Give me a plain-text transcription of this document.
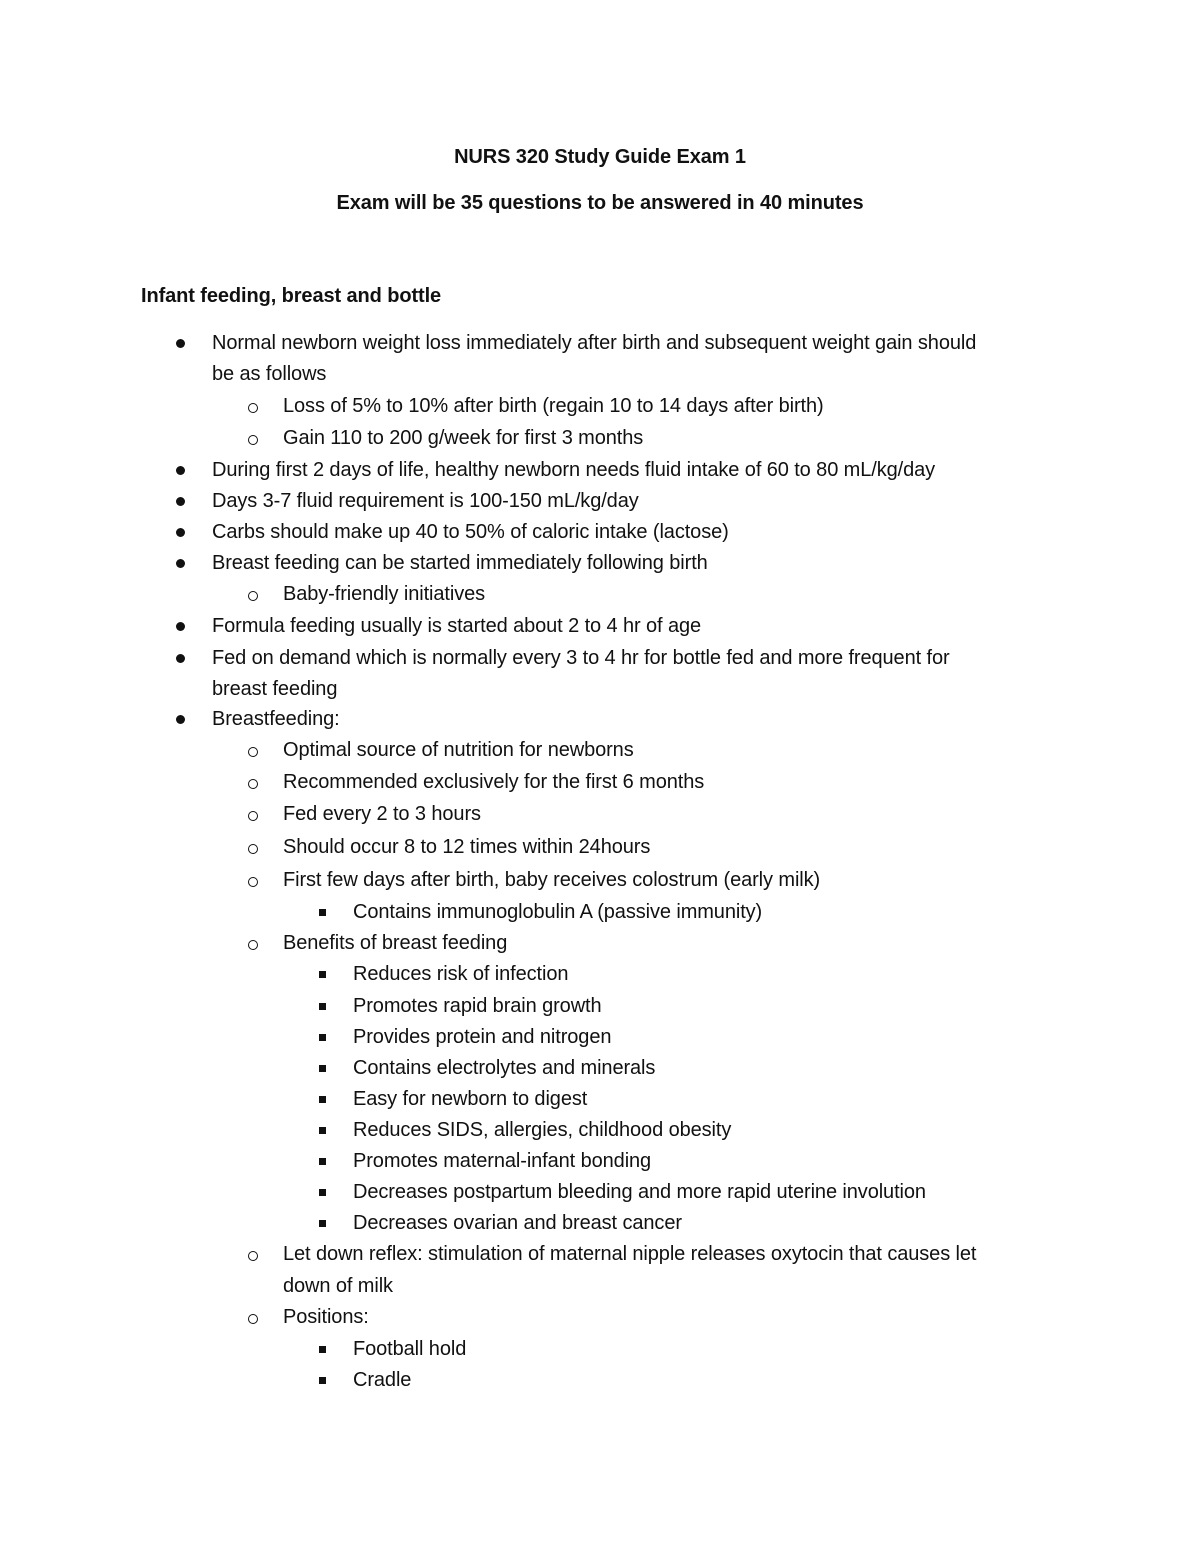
NURS 320 Study Guide Exam 1
Exam will be 35 questions to be answered in 40 minutes
Infant feeding, breast and bottle
Normal newborn weight loss immediately after birth and subsequent weight gain should
be as follows
Loss of 5% to 10% after birth (regain 10 to 14 days after birth)
Gain 110 to 200 g/week for first 3 months
During first 2 days of life, healthy newborn needs fluid intake of 60 to 80 mL/kg/day
Days 3-7 fluid requirement is 100-150 mL/kg/day
Carbs should make up 40 to 50% of caloric intake (lactose)
Breast feeding can be started immediately following birth
Baby-friendly initiatives
Formula feeding usually is started about 2 to 4 hr of age
Fed on demand which is normally every 3 to 4 hr for bottle fed and more frequent for
breast feeding
Breastfeeding:
Optimal source of nutrition for newborns
Recommended exclusively for the first 6 months
Fed every 2 to 3 hours
Should occur 8 to 12 times within 24hours
First few days after birth, baby receives colostrum (early milk)
Contains immunoglobulin A (passive immunity)
Benefits of breast feeding
Reduces risk of infection
Promotes rapid brain growth
Provides protein and nitrogen
Contains electrolytes and minerals
Easy for newborn to digest
Reduces SIDS, allergies, childhood obesity
Promotes maternal-infant bonding
Decreases postpartum bleeding and more rapid uterine involution
Decreases ovarian and breast cancer
Let down reflex: stimulation of maternal nipple releases oxytocin that causes let
down of milk
Positions:
Football hold
Cradle
